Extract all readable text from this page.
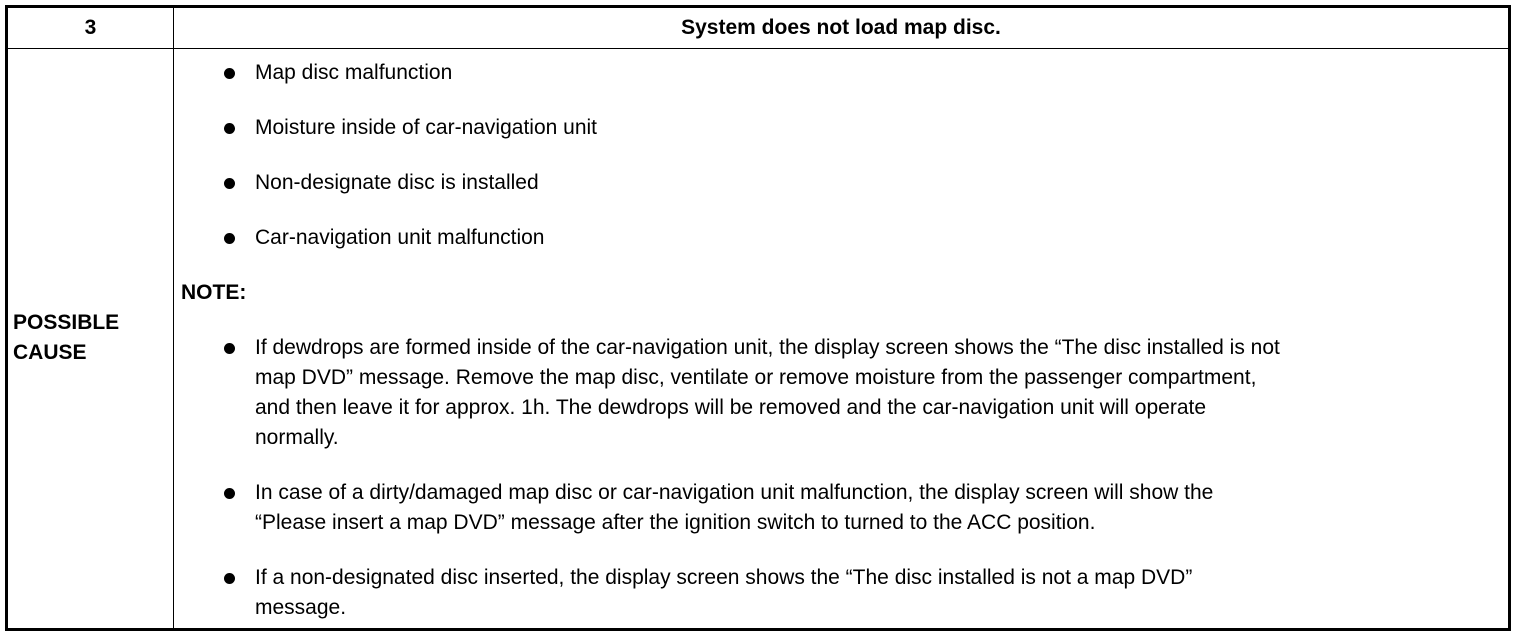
3	System does not load map disc.
POSSIBLE
CAUSE
Map disc malfunction
Moisture inside of car-navigation unit
Non-designate disc is installed
Car-navigation unit malfunction
NOTE:
If dewdrops are formed inside of the car-navigation unit, the display screen shows the “The disc installed is not
map DVD” message. Remove the map disc, ventilate or remove moisture from the passenger compartment,
and then leave it for approx. 1h. The dewdrops will be removed and the car-navigation unit will operate
normally.
In case of a dirty/damaged map disc or car-navigation unit malfunction, the display screen will show the
“Please insert a map DVD” message after the ignition switch to turned to the ACC position.
If a non-designated disc inserted, the display screen shows the “The disc installed is not a map DVD”
message.
